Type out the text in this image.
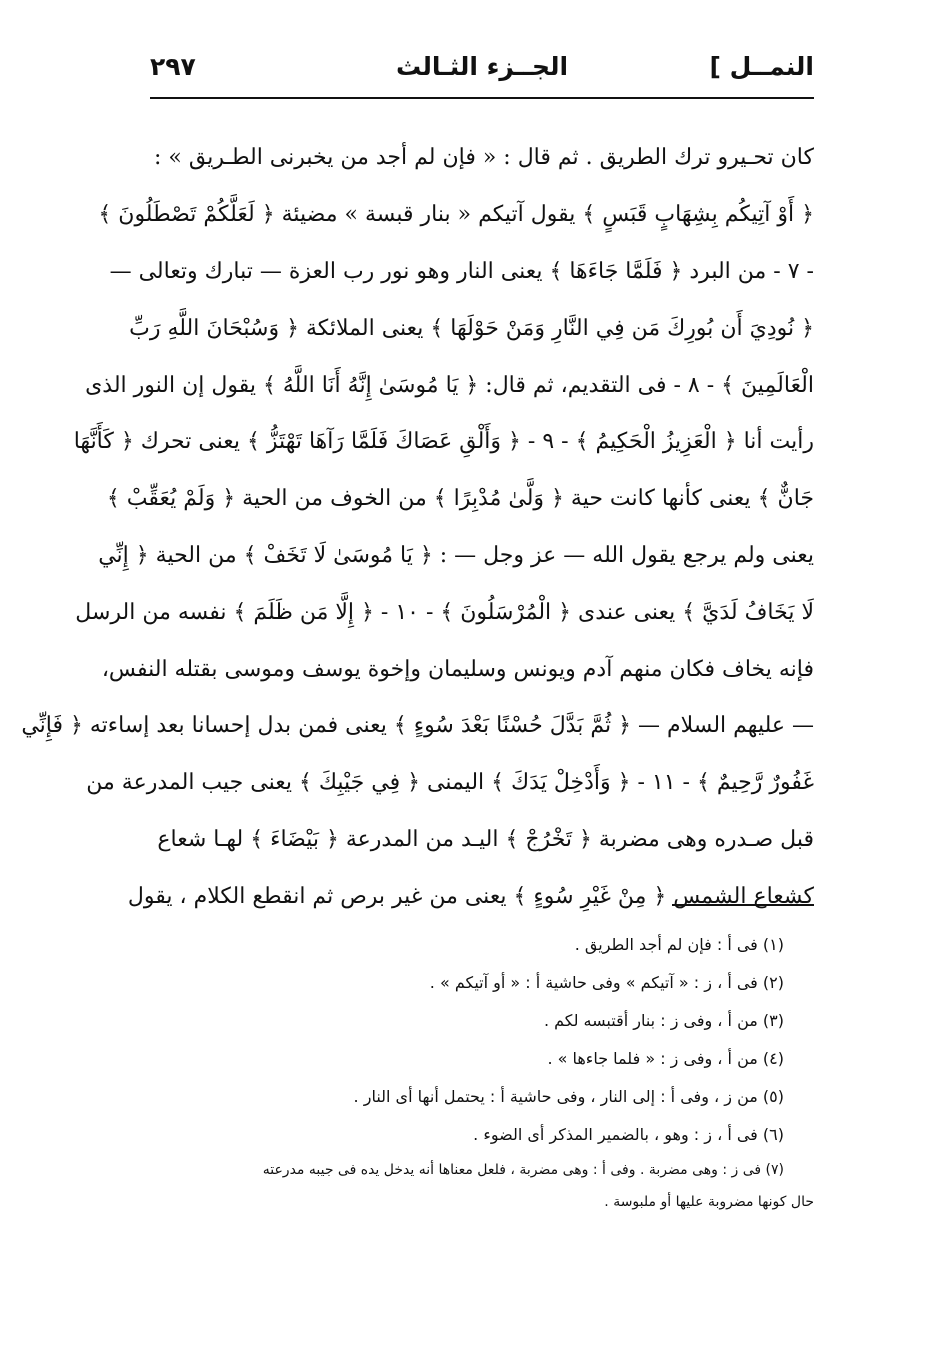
النمــل ]
الجــزء الثـالث
٢٩٧
كان تحـيرو ترك الطريق . ثم قال : « فإن لم أجد من يخبرنى الطـريق » :
﴿ أَوْ آتِيكُم بِشِهَابٍ قَبَسٍ ﴾ يقول آتيكم « بنار قبسة » مضيئة ﴿ لَعَلَّكُمْ تَصْطَلُونَ ﴾
- ٧ - من البرد ﴿ فَلَمَّا جَاءَهَا ﴾ يعنى النار وهو نور رب العزة — تبارك وتعالى —
﴿ نُودِيَ أَن بُورِكَ مَن فِي النَّارِ وَمَنْ حَوْلَهَا ﴾ يعنى الملائكة ﴿ وَسُبْحَانَ اللَّهِ رَبِّ
الْعَالَمِينَ ﴾ - ٨ - فى التقديم، ثم قال: ﴿ يَا مُوسَىٰ إِنَّهُ أَنَا اللَّهُ ﴾ يقول إن النور الذى
رأيت أنا ﴿ الْعَزِيزُ الْحَكِيمُ ﴾ - ٩ - ﴿ وَأَلْقِ عَصَاكَ فَلَمَّا رَآهَا تَهْتَزُّ ﴾ يعنى تحرك ﴿ كَأَنَّهَا
جَانٌّ ﴾ يعنى كأنها كانت حية ﴿ وَلَّىٰ مُدْبِرًا ﴾ من الخوف من الحية ﴿ وَلَمْ يُعَقِّبْ ﴾
يعنى ولم يرجع يقول الله — عز وجل — : ﴿ يَا مُوسَىٰ لَا تَخَفْ ﴾ من الحية ﴿ إِنِّي
لَا يَخَافُ لَدَيَّ ﴾ يعنى عندى ﴿ الْمُرْسَلُونَ ﴾ - ١٠ - ﴿ إِلَّا مَن ظَلَمَ ﴾ نفسه من الرسل
فإنه يخاف فكان منهم آدم ويونس وسليمان وإخوة يوسف وموسى بقتله النفس،
— عليهم السلام — ﴿ ثُمَّ بَدَّلَ حُسْنًا بَعْدَ سُوءٍ ﴾ يعنى فمن بدل إحسانا بعد إساءته ﴿ فَإِنِّي
غَفُورٌ رَّحِيمٌ ﴾ - ١١ - ﴿ وَأَدْخِلْ يَدَكَ ﴾ اليمنى ﴿ فِي جَيْبِكَ ﴾ يعنى جيب المدرعة من
قبل صـدره وهى مضربة ﴿ تَخْرُجْ ﴾ اليـد من المدرعة ﴿ بَيْضَاءَ ﴾ لهـا شعاع
كشعاع الشمس ﴿ مِنْ غَيْرِ سُوءٍ ﴾ يعنى من غير برص ثم انقطع الكلام ، يقول
(١) فى أ : فإن لم أجد الطريق .
(٢) فى أ ، ز : « آتيكم » وفى حاشية أ : « أو آتيكم » .
(٣) من أ ، وفى ز : بنار أقتبسه لكم .
(٤) من أ ، وفى ز : « فلما جاءها » .
(٥) من ز ، وفى أ : إلى النار ، وفى حاشية أ : يحتمل أنها أى النار .
(٦) فى أ ، ز : وهو ، بالضمير المذكر أى الضوء .
(٧) فى ز : وهى مضربة . وفى أ : وهى مضربة ، فلعل معناها أنه يدخل يده فى جيبه مدرعته
حال كونها مضروبة عليها أو ملبوسة .
